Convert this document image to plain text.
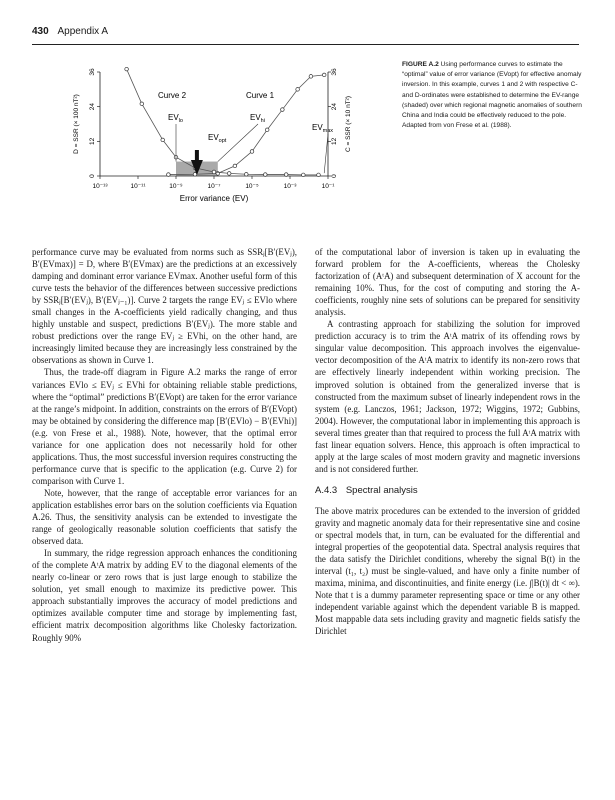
430 Appendix A
10⁻¹³	10⁻¹¹	10⁻⁹	10⁻⁷	10⁻⁵	10⁻³	10⁻¹
0
12
24
36
0
12
24
36
Error variance (EV)
D = SSR (× 100 nT²)	C = SSR (× 10 nT²)
Curve 2	Curve 1
$EV_{lo}$	$EV_{hi}$
$EV_{opt}$
$EV_{max}$
FIGURE A.2 Using performance curves to estimate the “optimal” value of error variance (EVopt) for effective anomaly inversion. In this example, curves 1 and 2 with respective C- and D-ordinates were established to determine the EV-range (shaded) over which regional magnetic anomalies of southern China and India could be effectively reduced to the pole. Adapted from von Frese et al. (1988).

performance curve may be evaluated from norms such as SSRⱼ[B′(EVⱼ), B′(EVmax)] = D, where B′(EVmax) are the predictions at an excessively damping and dominant error variance EVmax. Another useful form of this curve tests the behavior of the differences between successive predictions by SSRⱼ[B′(EVⱼ), B′(EVⱼ₋₁)]. Curve 2 targets the range EVⱼ ≤ EVlo where small changes in the A-coefficients yield radically changing, and thus highly unstable and suspect, predictions B′(EVⱼ). The more stable and robust predictions over the range EVⱼ ≥ EVhi, on the other hand, are increasingly limited because they are increasingly less constrained by the observations as shown in Curve 1.

Thus, the trade-off diagram in Figure A.2 marks the range of error variances EVlo ≤ EVⱼ ≤ EVhi for obtaining reliable stable predictions, where the “optimal” predictions B′(EVopt) are taken for the error variance at the range’s midpoint. In addition, constraints on the errors of B′(EVopt) may be obtained by considering the difference map [B′(EVlo) − B′(EVhi)] (e.g. von Frese et al., 1988). Note, however, that the optimal error variance for one application does not necessarily hold for other applications. Thus, the most successful inversion requires constructing the performance curve that is specific to the application (e.g. Curve 2) for comparison with Curve 1.

Note, however, that the range of acceptable error variances for an application establishes error bars on the solution coefficients via Equation A.26. Thus, the sensitivity analysis can be extended to investigate the range of geologically reasonable solution coefficients that satisfy the observed data.

In summary, the ridge regression approach enhances the conditioning of the complete AᵗA matrix by adding EV to the diagonal elements of the nearly co-linear or zero rows that is just large enough to stabilize the solution, yet small enough to maximize its predictive power. This approach substantially improves the accuracy of model predictions and optimizes available computer time and storage by implementing fast, efficient matrix decomposition algorithms like Cholesky factorization. Roughly 90%

of the computational labor of inversion is taken up in evaluating the forward problem for the A-coefficients, whereas the Cholesky factorization of (AᵗA) and subsequent determination of X account for the remaining 10%. Thus, for the cost of computing and storing the A-coefficients, roughly nine sets of solutions can be prepared for sensitivity analysis.

A contrasting approach for stabilizing the solution for improved prediction accuracy is to trim the AᵗA matrix of its offending rows by singular value decomposition. This approach involves the eigenvalue-vector decomposition of the AᵗA matrix to identify its non-zero rows that are effectively linearly independent within working precision. The improved solution is obtained from the generalized inverse that is constructed from the maximum subset of linearly independent rows in the system (e.g. Lanczos, 1961; Jackson, 1972; Wiggins, 1972; Gubbins, 2004). However, the computational labor in implementing this approach is several times greater than that required to process the full AᵗA matrix with fast linear equation solvers. Hence, this approach is often impractical to apply at the large scales of most modern gravity and magnetic inversions and is not considered further.

A.4.3 Spectral analysis

The above matrix procedures can be extended to the inversion of gridded gravity and magnetic anomaly data for their representative sine and cosine or spectral models that, in turn, can be evaluated for the differential and integral properties of the geopotential data. Spectral analysis requires that the data satisfy the Dirichlet conditions, whereby the signal B(t) in the interval (t₁, t₂) must be single-valued, and have only a finite number of maxima, minima, and discontinuities, and finite energy (i.e. ∫|B(t)| dt < ∞). Note that t is a dummy parameter representing space or time or any other independent variable against which the dependent variable B is mapped. Most mappable data sets including gravity and magnetic fields satisfy the Dirichlet
